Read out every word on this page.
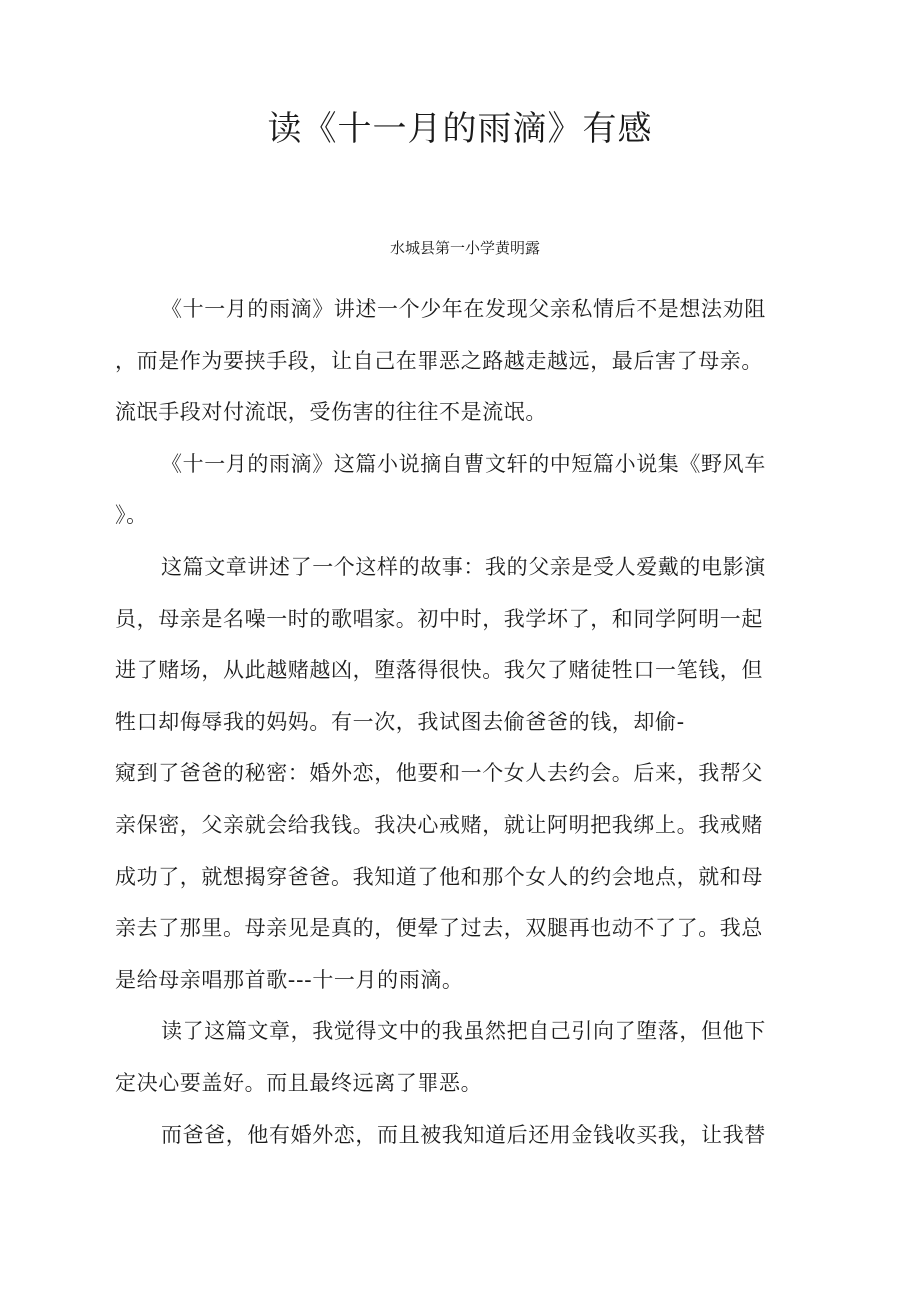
读《十一月的雨滴》有感

水城县第一小学黄明露

《十一月的雨滴》讲述一个少年在发现父亲私情后不是想法劝阻
，而是作为要挟手段，让自己在罪恶之路越走越远，最后害了母亲。
流氓手段对付流氓，受伤害的往往不是流氓。
《十一月的雨滴》这篇小说摘自曹文轩的中短篇小说集《野风车
》。
这篇文章讲述了一个这样的故事：我的父亲是受人爱戴的电影演
员，母亲是名噪一时的歌唱家。初中时，我学坏了，和同学阿明一起
进了赌场，从此越赌越凶，堕落得很快。我欠了赌徒牲口一笔钱，但
牲口却侮辱我的妈妈。有一次，我试图去偷爸爸的钱，却偷-
窥到了爸爸的秘密：婚外恋，他要和一个女人去约会。后来，我帮父
亲保密，父亲就会给我钱。我决心戒赌，就让阿明把我绑上。我戒赌
成功了，就想揭穿爸爸。我知道了他和那个女人的约会地点，就和母
亲去了那里。母亲见是真的，便晕了过去，双腿再也动不了了。我总
是给母亲唱那首歌---十一月的雨滴。
读了这篇文章，我觉得文中的我虽然把自己引向了堕落，但他下
定决心要盖好。而且最终远离了罪恶。
而爸爸，他有婚外恋，而且被我知道后还用金钱收买我，让我替
